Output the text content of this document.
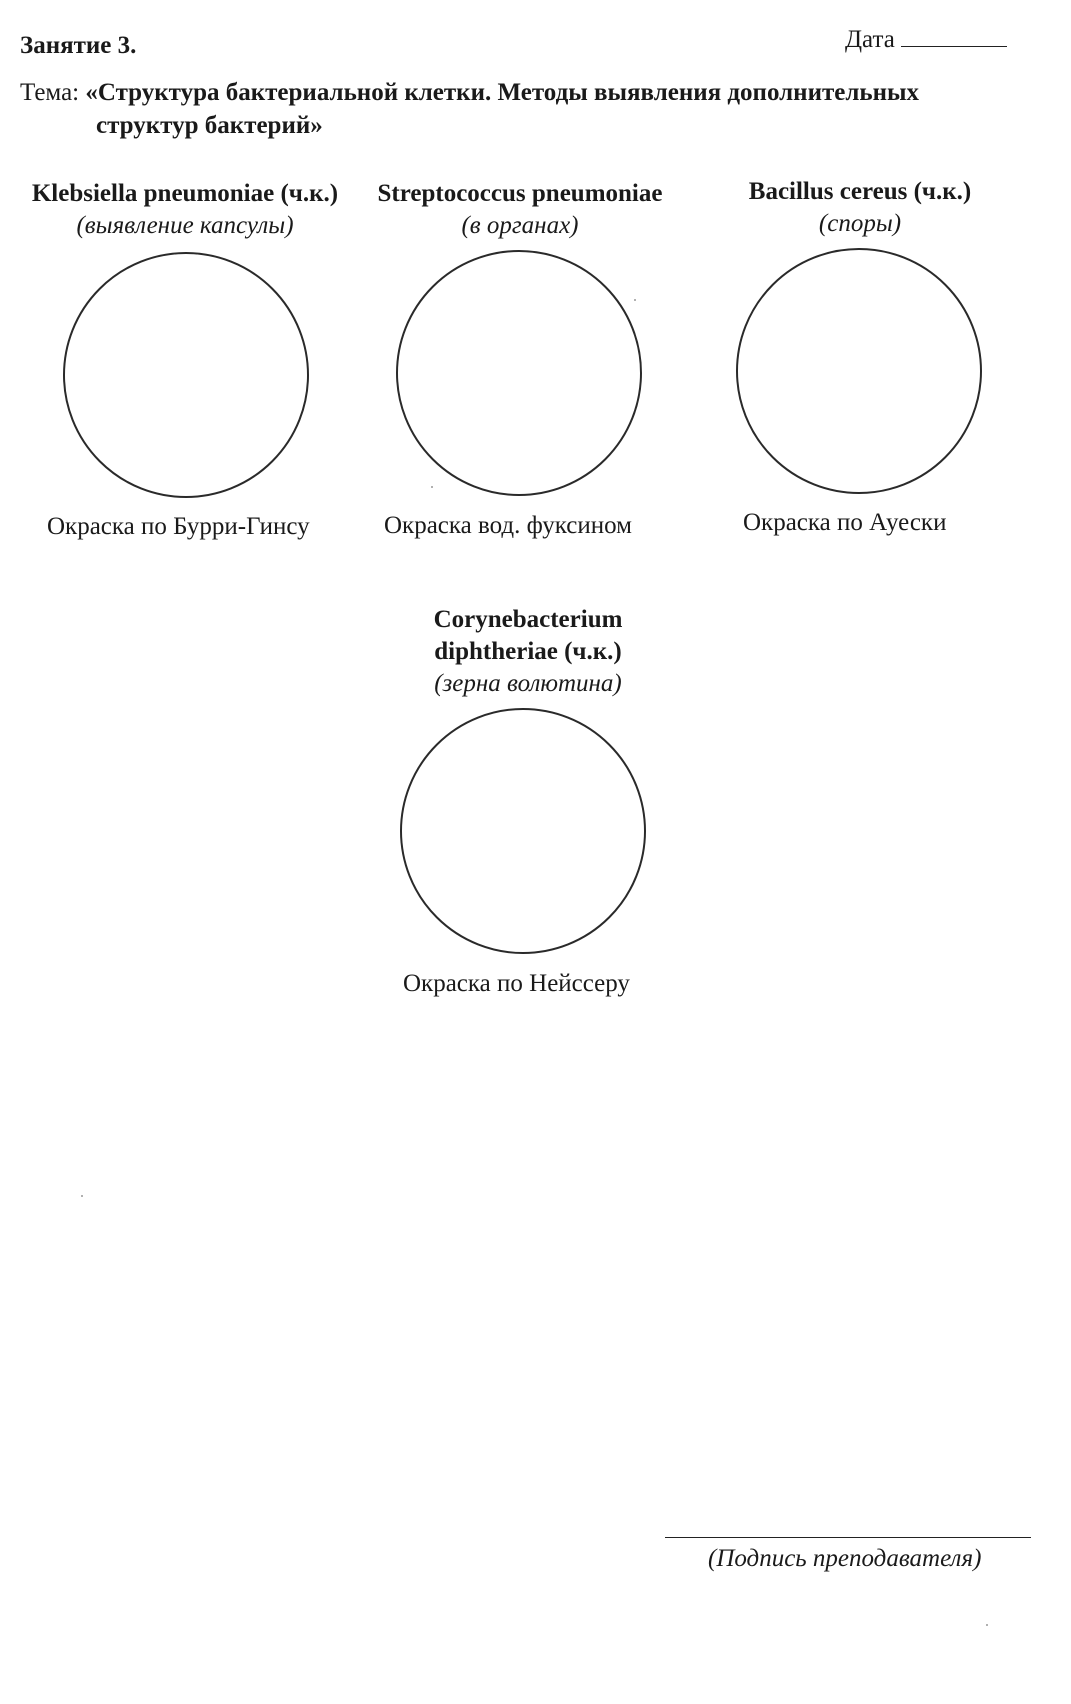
Занятие 3.	Дата
Тема: «Структура бактериальной клетки. Методы выявления дополнительных
структур бактерий»
Klebsiella pneumoniae (ч.к.)
(выявление капсулы)
Окраска по Бурри-Гинсу
Streptococcus pneumoniae
(в органах)
Окраска вод. фуксином
Bacillus cereus (ч.к.)
(споры)
Окраска по Ауески
Corynebacterium
diphtheriae (ч.к.)
(зерна волютина)
Окраска по Нейссеру
(Подпись преподавателя)
